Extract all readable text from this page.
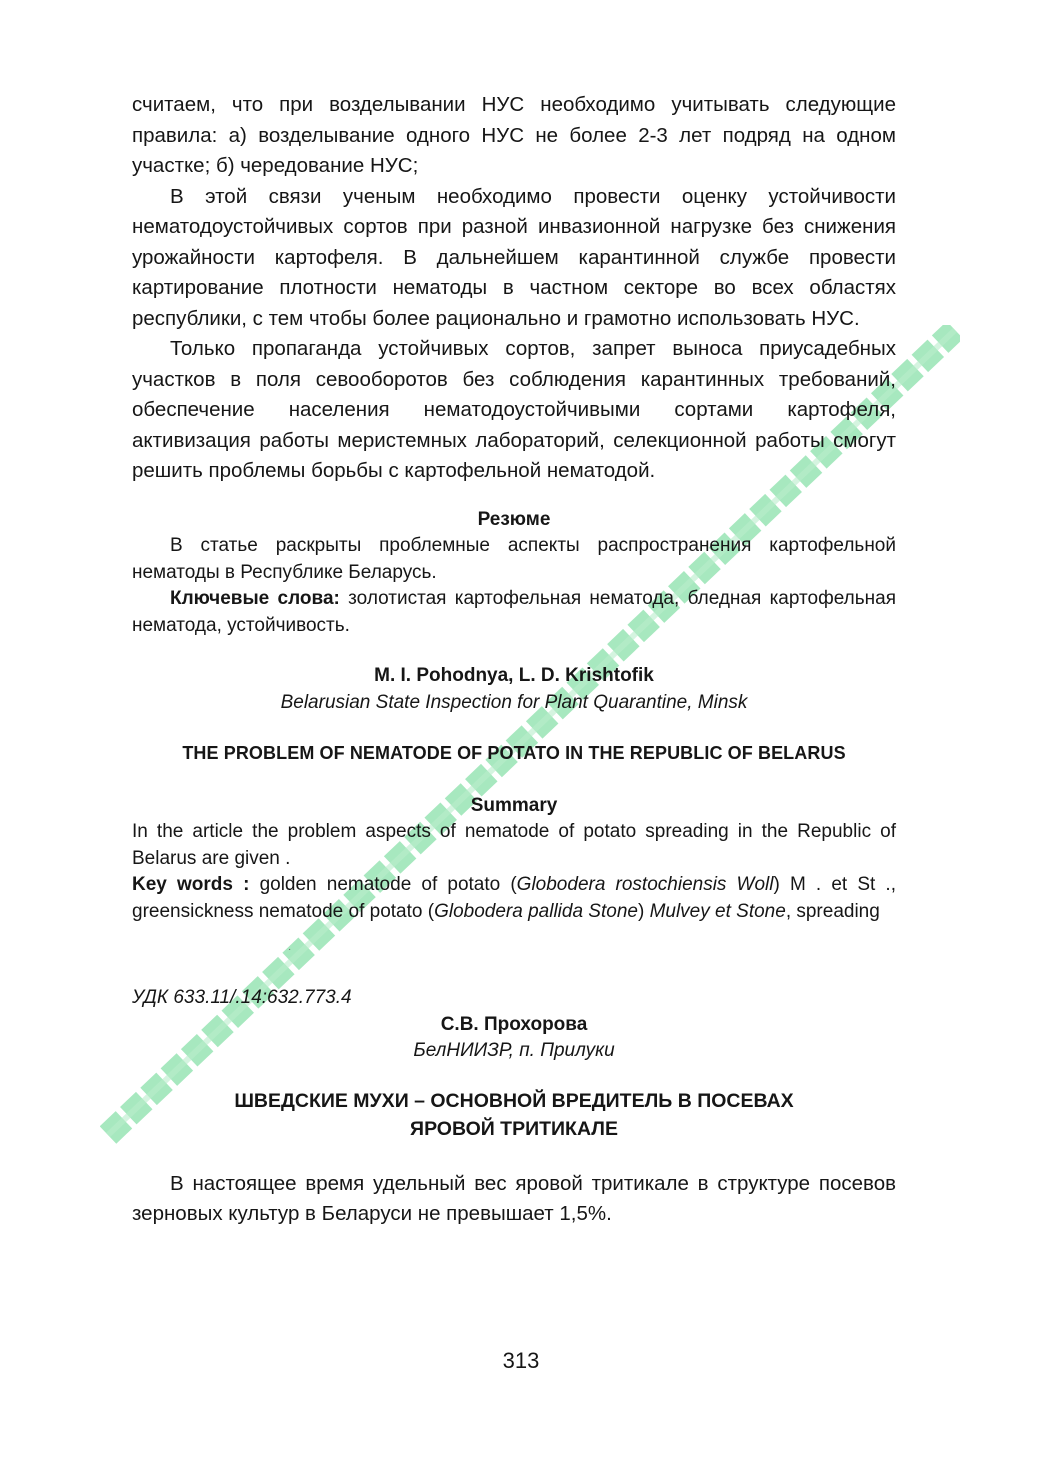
считаем, что при возделывании НУС необходимо учитывать следующие правила: а) возделывание одного НУС не более 2-3 лет подряд на одном участке; б) чередование НУС;

В этой связи ученым необходимо провести оценку устойчивости нематодоустойчивых сортов при разной инвазионной нагрузке без снижения урожайности картофеля. В дальнейшем карантинной службе провести картирование плотности нематоды в частном секторе во всех областях республики, с тем чтобы более рационально и грамотно использовать НУС.

Только пропаганда устойчивых сортов, запрет выноса приусадебных участков в поля севооборотов без соблюдения карантинных требований, обеспечение населения нематодоустойчивыми сортами картофеля, активизация работы меристемных лабораторий, селекционной работы смогут решить проблемы борьбы с картофельной нематодой.

Резюме

В статье раскрыты проблемные аспекты распространения картофельной нематоды в Республике Беларусь.

Ключевые слова: золотистая картофельная нематода, бледная картофельная нематода, устойчивость.

M. I. Pohodnya, L. D. Krishtofik
Belarusian State Inspection for Plant Quarantine, Minsk
THE PROBLEM OF NEMATODE OF POTATO IN THE REPUBLIC OF BELARUS
Summary

In the article the problem aspects of nematode of potato spreading in the Republic of Belarus are given .

Key words : golden nematode of potato (Globodera rostochiensis Woll) M . et St ., greensickness nematode of potato (Globodera pallida Stone) Mulvey et Stone, spreading

·
УДК 633.11/.14:632.773.4
С.В. Прохорова
БелНИИЗР, п. Прилуки
ШВЕДСКИЕ МУХИ – ОСНОВНОЙ ВРЕДИТЕЛЬ В ПОСЕВАХ
ЯРОВОЙ ТРИТИКАЛЕ

В настоящее время удельный вес яровой тритикале в структуре посевов зерновых культур в Беларуси не превышает 1,5%.

313
